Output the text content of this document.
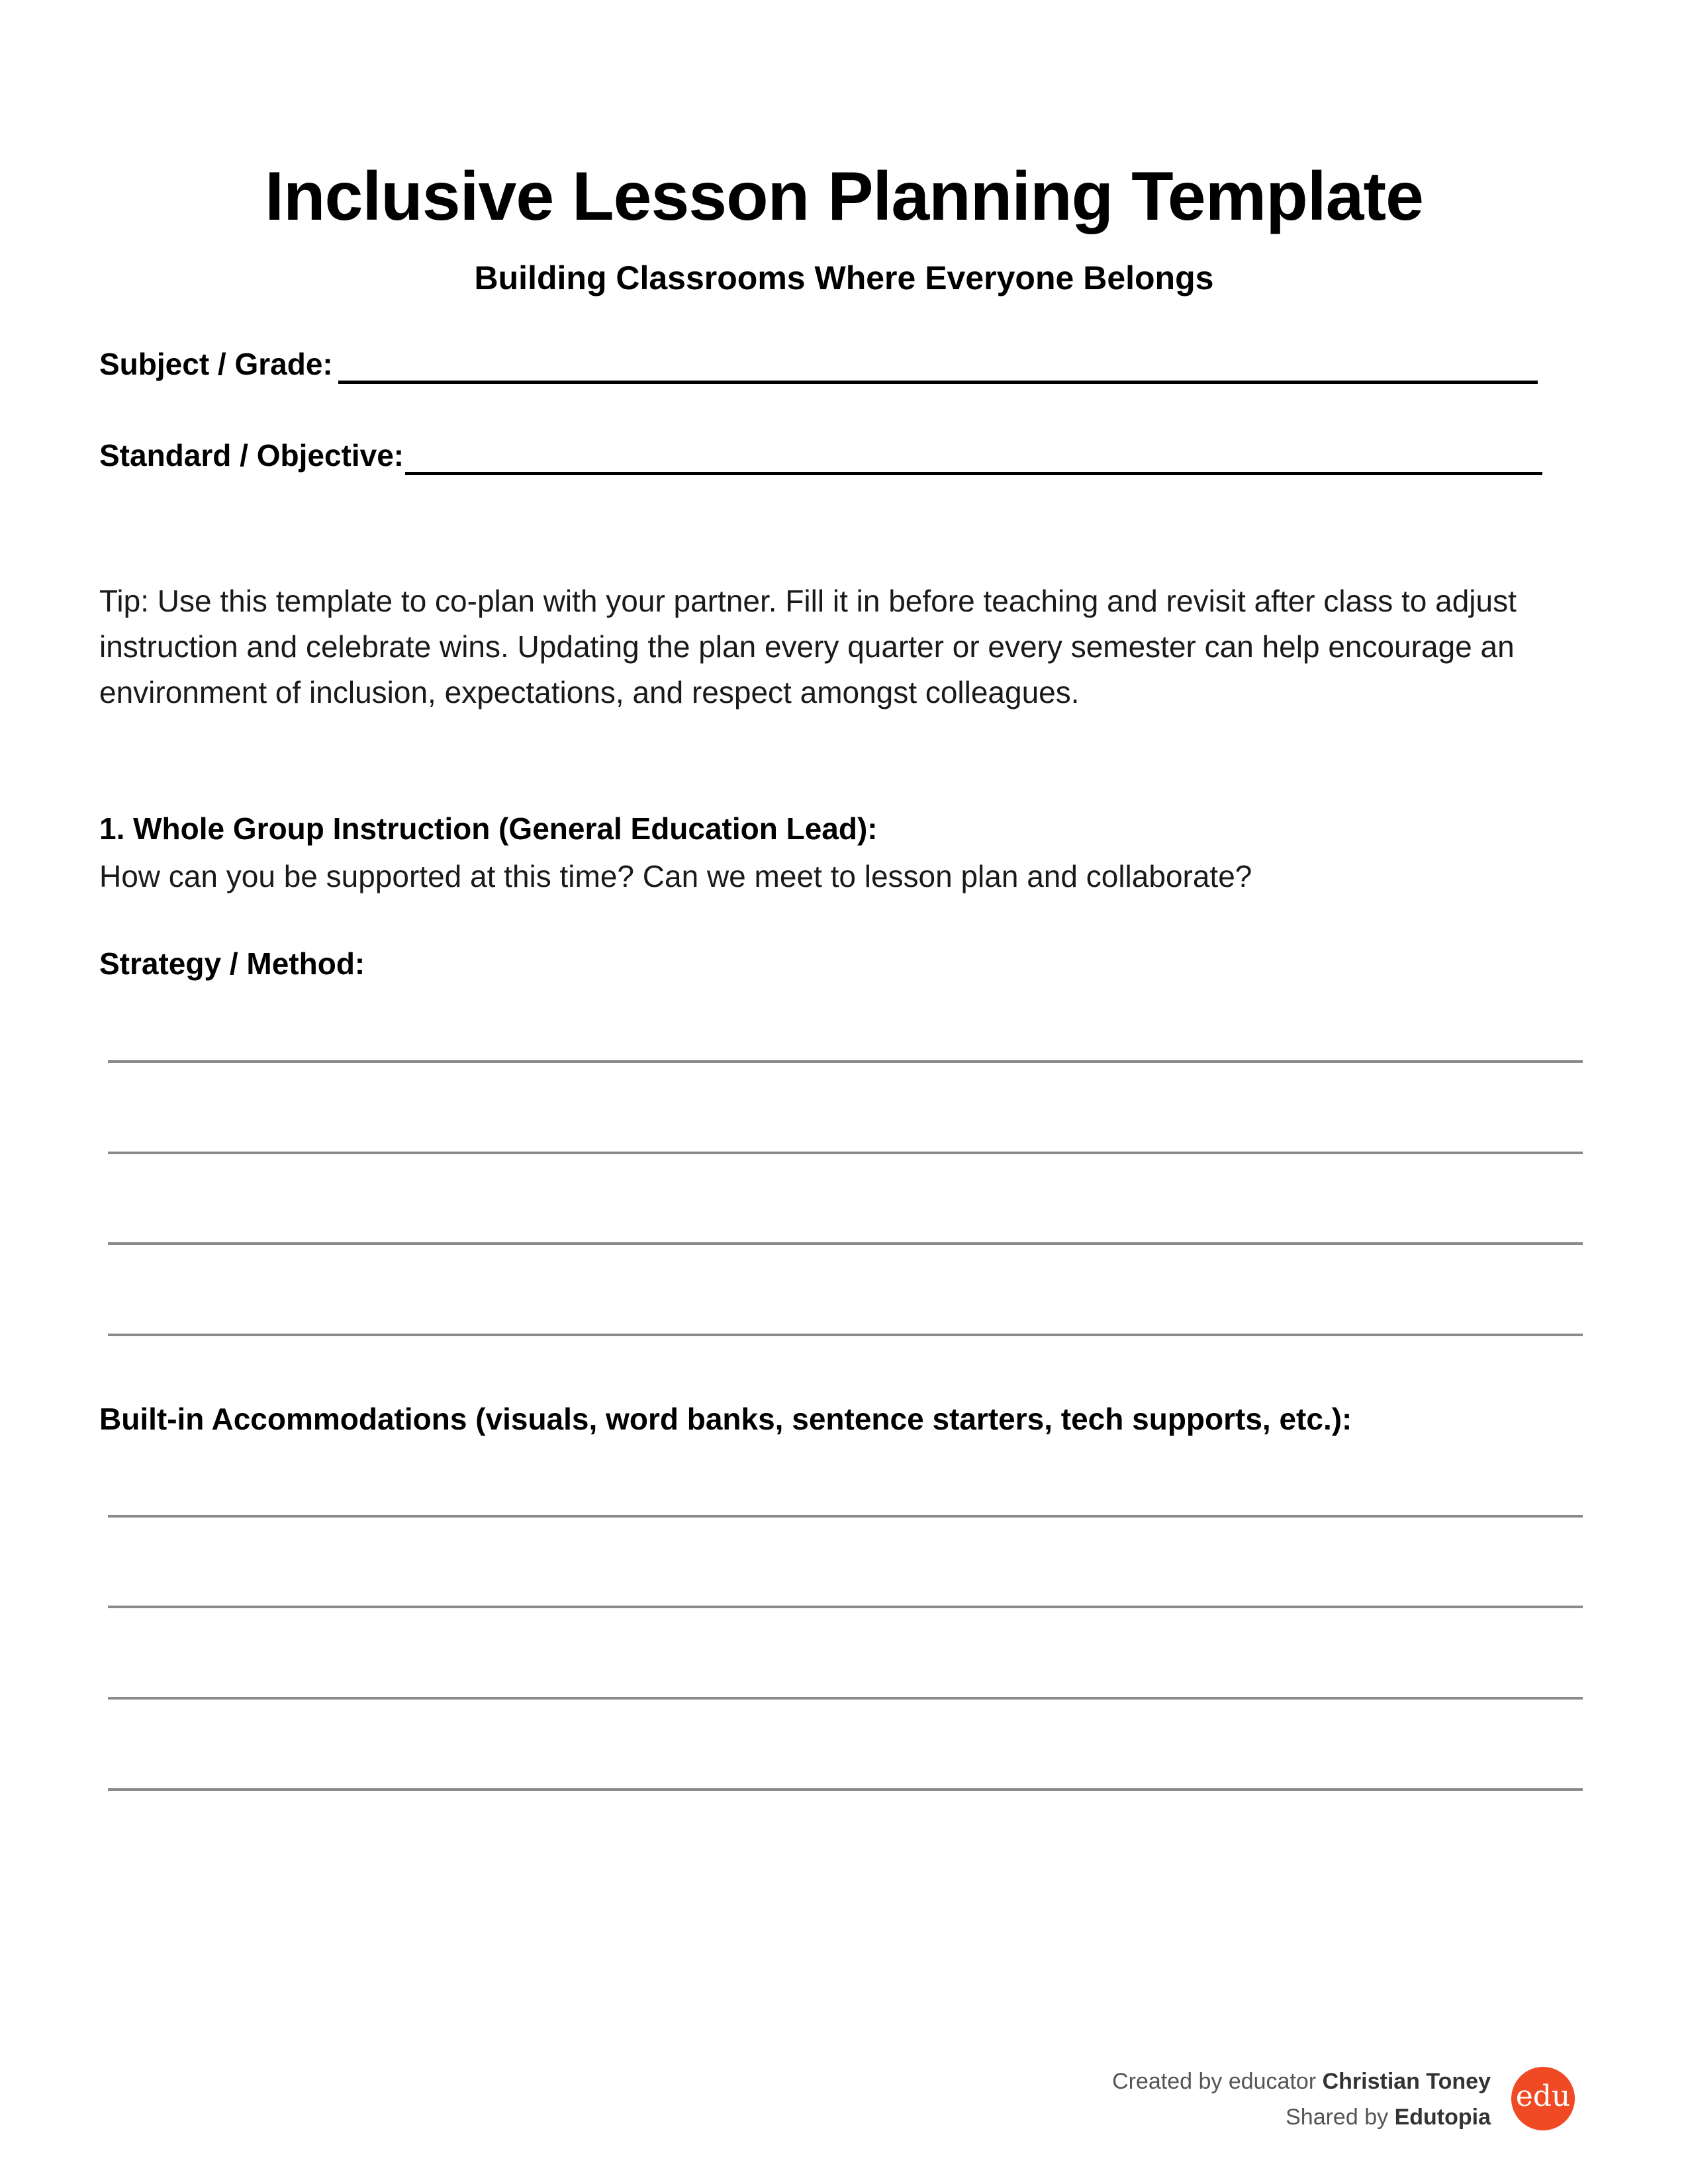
Inclusive Lesson Planning Template
Building Classrooms Where Everyone Belongs
Subject / Grade:
Standard / Objective:
Tip: Use this template to co-plan with your partner. Fill it in before teaching and revisit after class to adjust instruction and celebrate wins. Updating the plan every quarter or every semester can help encourage an environment of inclusion, expectations, and respect amongst colleagues.
1. Whole Group Instruction (General Education Lead):
How can you be supported at this time? Can we meet to lesson plan and collaborate?
Strategy / Method:
Built-in Accommodations (visuals, word banks, sentence starters, tech supports, etc.):
Created by educator Christian Toney
Shared by Edutopia
edu
